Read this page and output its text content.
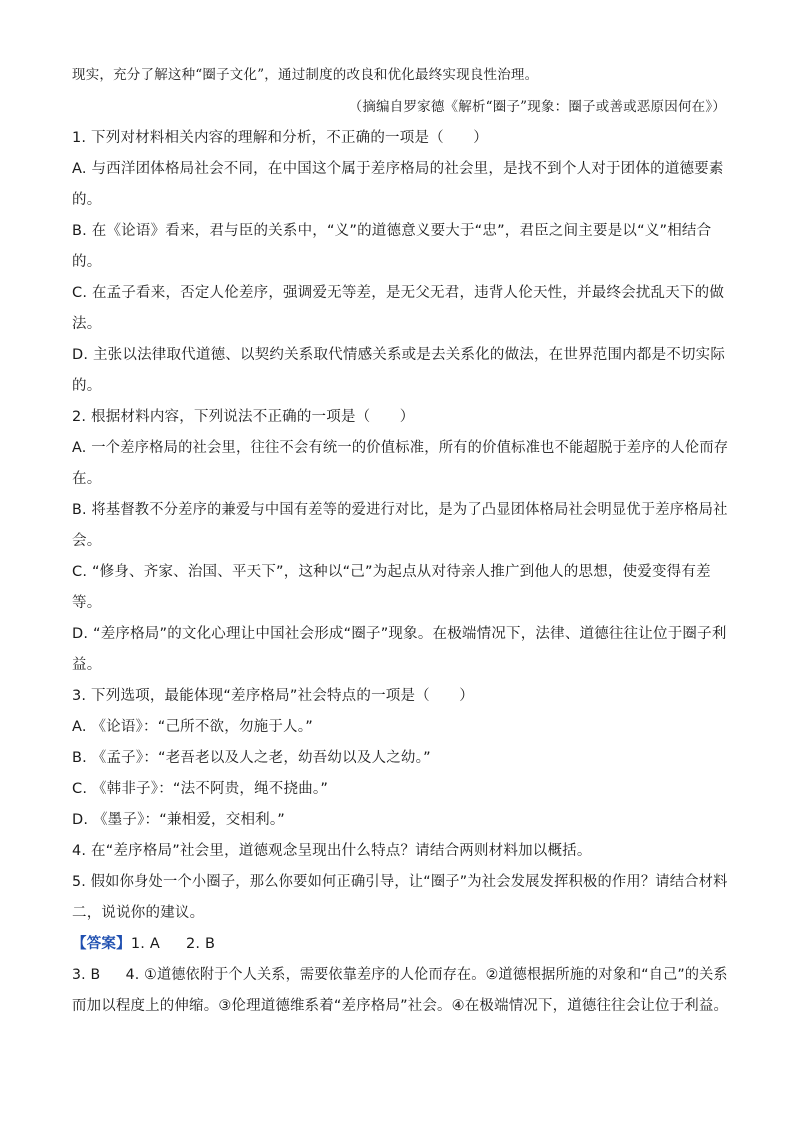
现实，充分了解这种“圈子文化”，通过制度的改良和优化最终实现良性治理。
（摘编自罗家德《解析“圈子”现象：圈子或善或恶原因何在》）
1. 下列对材料相关内容的理解和分析，不正确的一项是（　　）
A. 与西洋团体格局社会不同，在中国这个属于差序格局的社会里，是找不到个人对于团体的道德要素
的。
B. 在《论语》看来，君与臣的关系中，“义”的道德意义要大于“忠”，君臣之间主要是以“义”相结合
的。
C. 在孟子看来，否定人伦差序，强调爱无等差，是无父无君，违背人伦天性，并最终会扰乱天下的做
法。
D. 主张以法律取代道德、以契约关系取代情感关系或是去关系化的做法，在世界范围内都是不切实际
的。
2. 根据材料内容，下列说法不正确的一项是（　　）
A. 一个差序格局的社会里，往往不会有统一的价值标准，所有的价值标准也不能超脱于差序的人伦而存
在。
B. 将基督教不分差序的兼爱与中国有差等的爱进行对比，是为了凸显团体格局社会明显优于差序格局社
会。
C. “修身、齐家、治国、平天下”，这种以“己”为起点从对待亲人推广到他人的思想，使爱变得有差
等。
D. “差序格局”的文化心理让中国社会形成“圈子”现象。在极端情况下，法律、道德往往让位于圈子利
益。
3. 下列选项，最能体现“差序格局”社会特点的一项是（　　）
A. 《论语》：“己所不欲，勿施于人。”
B. 《孟子》：“老吾老以及人之老，幼吾幼以及人之幼。”
C. 《韩非子》：“法不阿贵，绳不挠曲。”
D. 《墨子》：“兼相爱，交相利。”
4. 在“差序格局”社会里，道德观念呈现出什么特点？请结合两则材料加以概括。
5. 假如你身处一个小圈子，那么你要如何正确引导，让“圈子”为社会发展发挥积极的作用？请结合材料
二，说说你的建议。
【答案】1. A 2. B
3. B 4. ①道德依附于个人关系，需要依靠差序的人伦而存在。②道德根据所施的对象和“自己”的关系
而加以程度上的伸缩。③伦理道德维系着“差序格局”社会。④在极端情况下，道德往往会让位于利益。
